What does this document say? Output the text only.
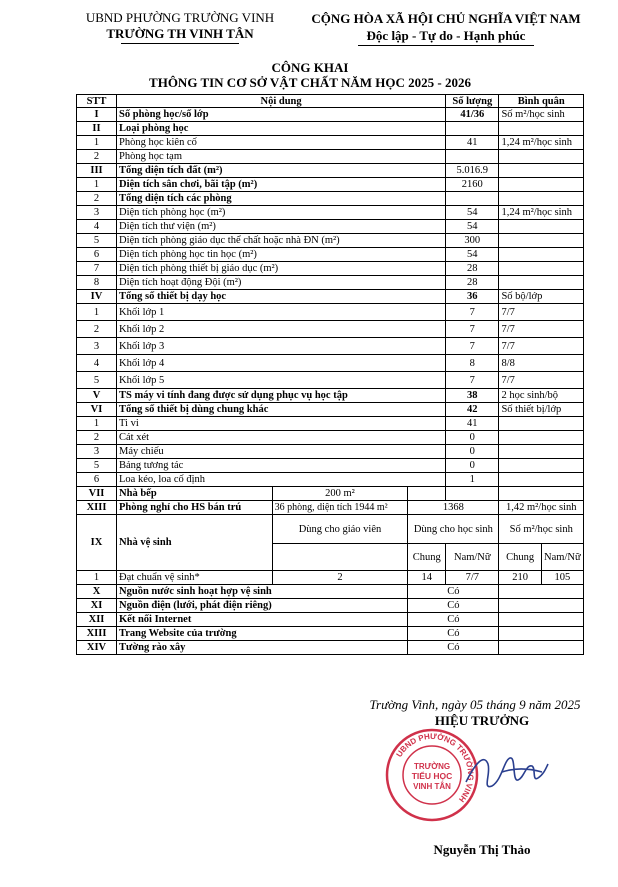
UBND PHƯỜNG TRƯỜNG VINH
TRƯỜNG TH VINH TÂN
CỘNG HÒA XÃ HỘI CHỦ NGHĨA VIỆT NAM
Độc lập - Tự do - Hạnh phúc
CÔNG KHAI
THÔNG TIN CƠ SỞ VẬT CHẤT NĂM HỌC 2025 - 2026
STT	Nội dung			Số lượng	Bình quân	
I	Số phòng học/số lớp			41/36	Số m²/học sinh	
II	Loại phòng học					
1	Phòng học kiên cố			41	1,24 m²/học sinh	
2	Phòng học tạm					
III	Tổng diện tích đất (m²)			5.016.9		
1	Diện tích sân chơi, bãi tập (m²)			2160		
2	Tổng diện tích các phòng					
3	Diện tích phòng học (m²)			54	1,24 m²/học sinh	
4	Diện tích thư viện (m²)			54		
5	Diện tích phòng giáo dục thể chất hoặc nhà ĐN (m²)			300		
6	Diện tích phòng học tin học (m²)			54		
7	Diện tích phòng thiết bị giáo dục (m²)			28		
8	Diện tích hoạt động Đội (m²)			28		
IV	Tổng số thiết bị dạy học			36	Số bộ/lớp	
1	Khối lớp 1			7	7/7	
2	Khối lớp 2			7	7/7	
3	Khối lớp 3			7	7/7	
4	Khối lớp 4			8	8/8	
5	Khối lớp 5			7	7/7	
V	TS máy vi tính đang được sử dụng phục vụ học tập			38	2 học sinh/bộ	
VI	Tổng số thiết bị dùng chung khác			42	Số thiết bị/lớp	
1	Ti vi			41		
2	Cát xét			0		
3	Máy chiếu			0		
5	Bảng tương tác			0		
6	Loa kéo, loa cố định			1		
VII	Nhà bếp	200 m²				
XIII	Phòng nghỉ cho HS bán trú	36 phòng, diện tích 1944 m²	1368		1,42 m²/học sinh	
IX	Nhà vệ sinh	Dùng cho giáo viên	Dùng cho học sinh		Số m²/học sinh	
			Chung	Nam/Nữ	Chung	Nam/Nữ
1	Đạt chuẩn vệ sinh*	2	14	7/7	210	105
X	Nguồn nước sinh hoạt hợp vệ sinh		Có			
XI	Nguồn điện (lưới, phát điện riêng)		Có			
XII	Kết nối Internet		Có			
XIII	Trang Website của trường		Có			
XIV	Tường rào xây		Có			
Trường Vinh, ngày 05 tháng 9 năm 2025
HIỆU TRƯỞNG
UBND PHƯỜNG TRƯỜNG VINH
TRƯỜNG
TIỂU HỌC
VINH TÂN
Nguyễn Thị Thảo
